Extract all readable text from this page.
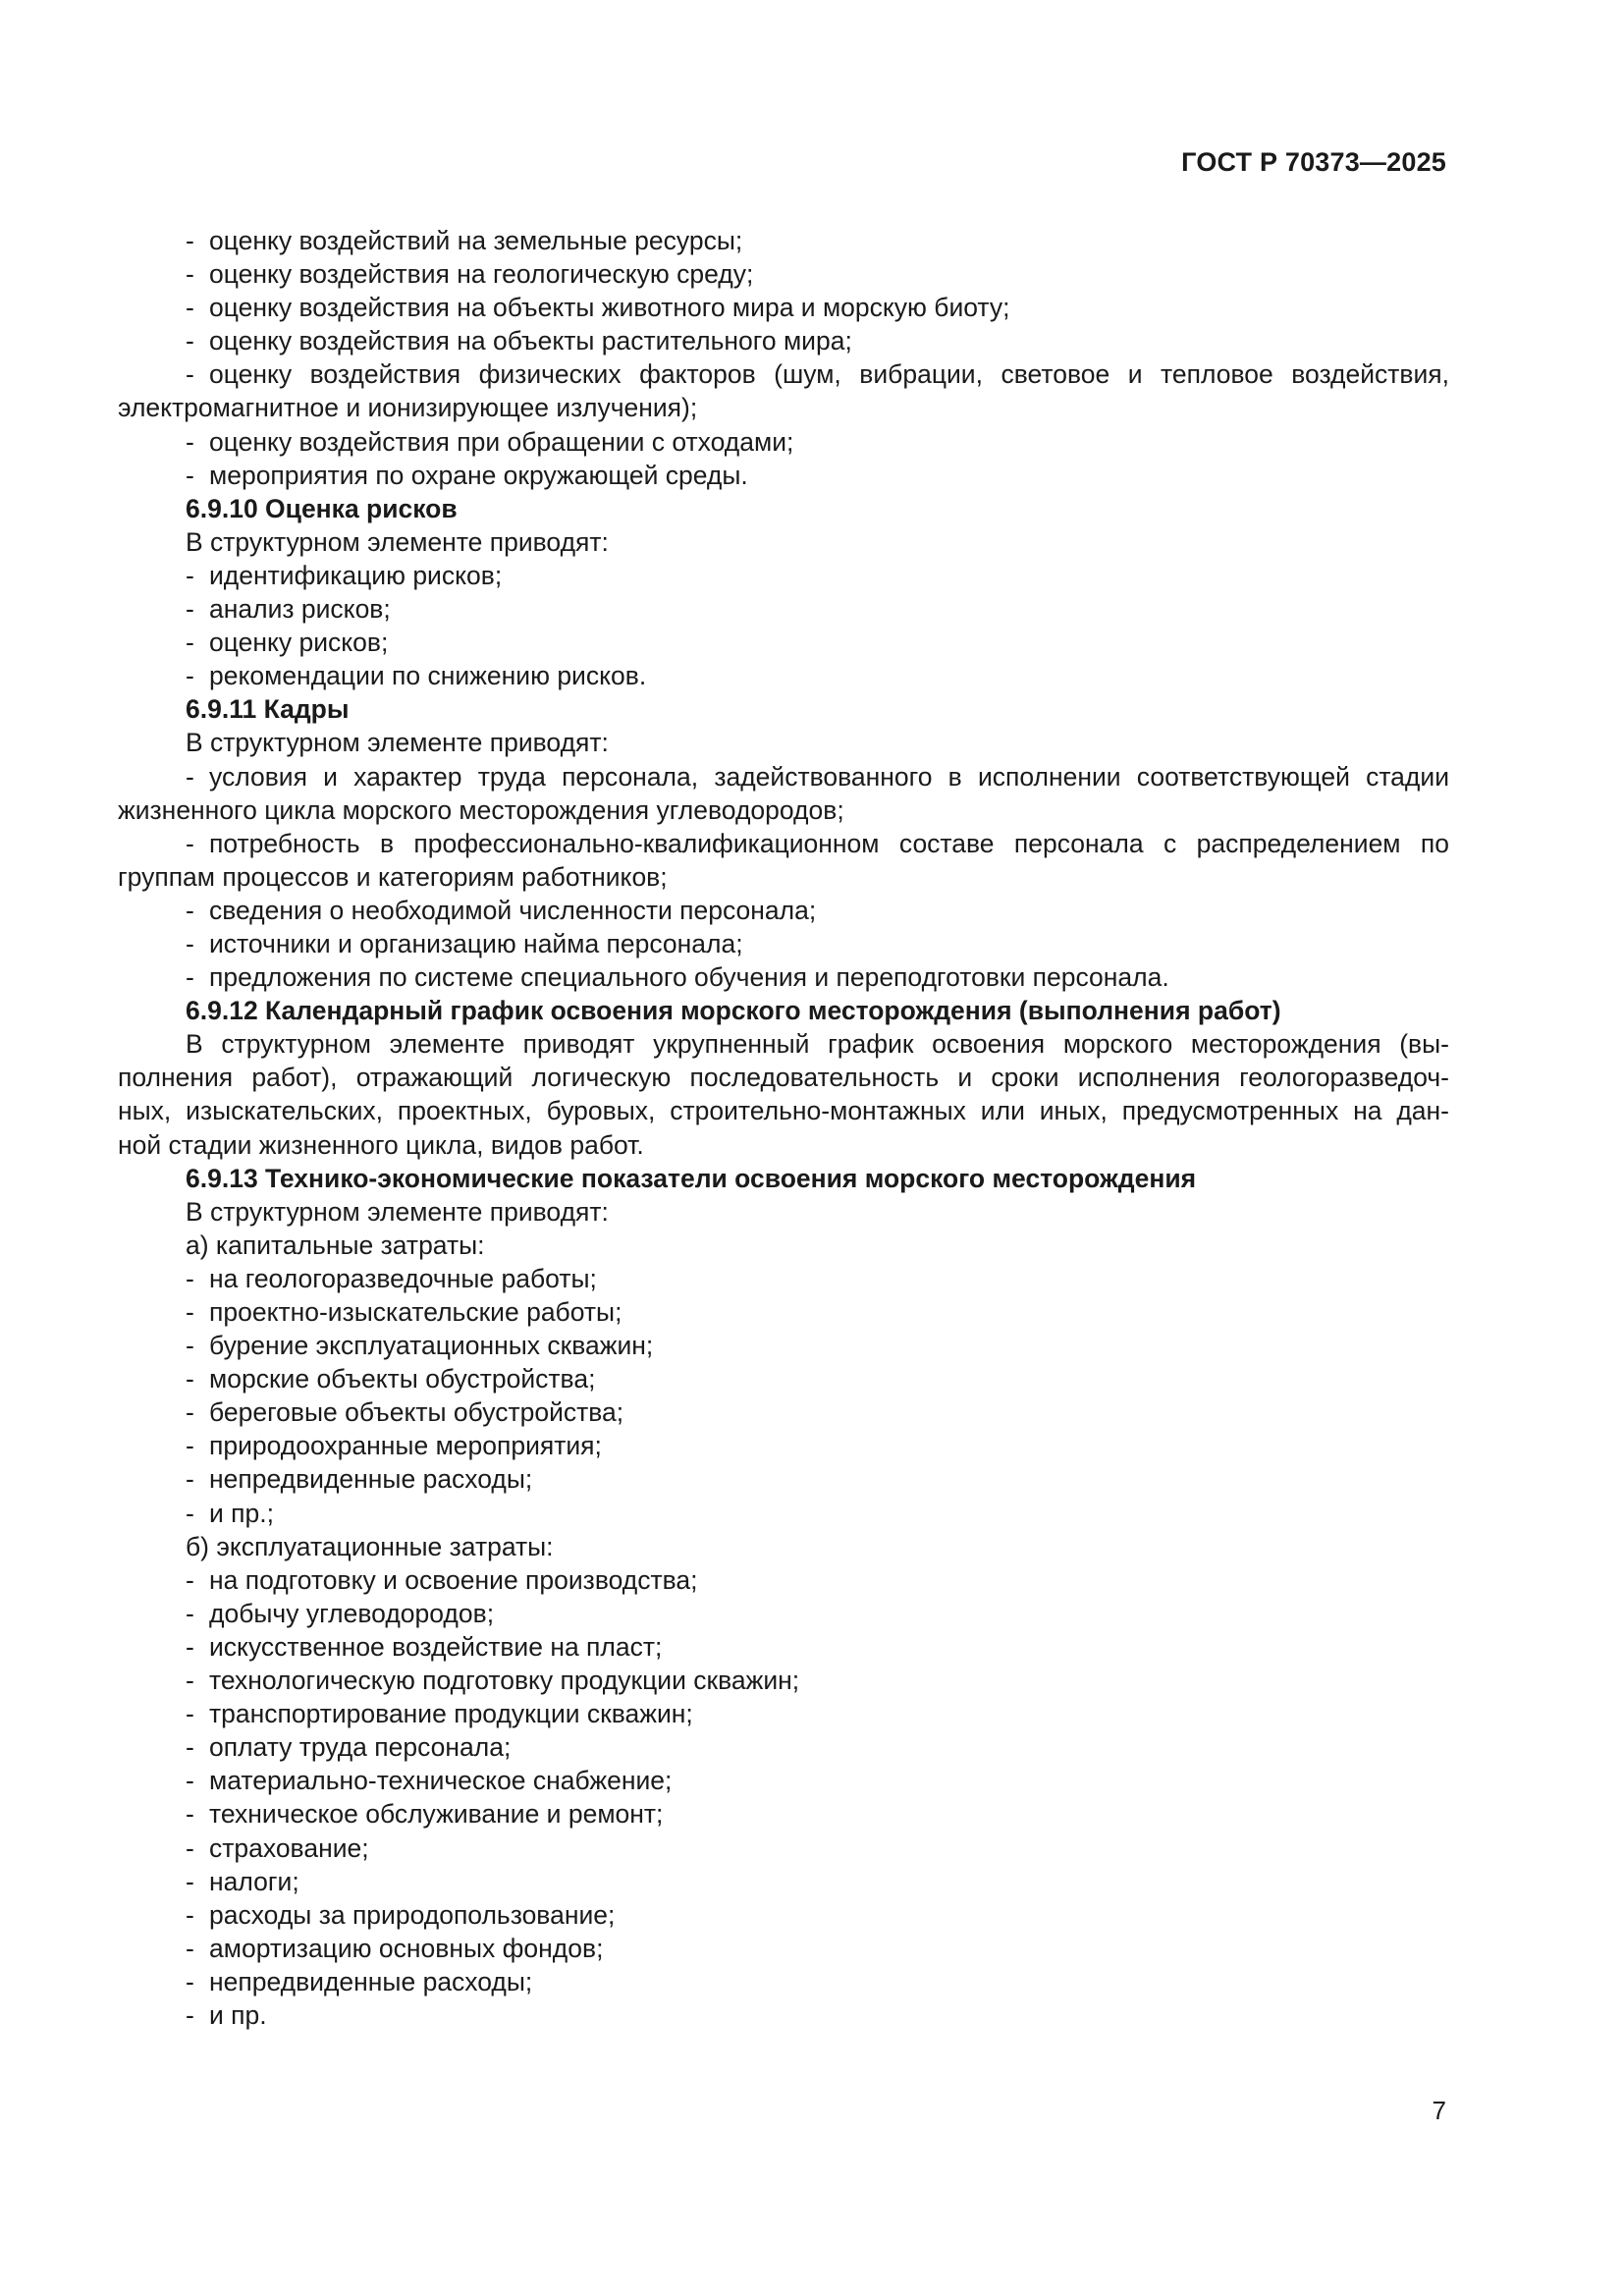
ГОСТ Р 70373—2025
- оценку воздействий на земельные ресурсы;
- оценку воздействия на геологическую среду;
- оценку воздействия на объекты животного мира и морскую биоту;
- оценку воздействия на объекты растительного мира;
- оценку воздействия физических факторов (шум, вибрации, световое и тепловое воздействия,
электромагнитное и ионизирующее излучения);
- оценку воздействия при обращении с отходами;
- мероприятия по охране окружающей среды.
6.9.10 Оценка рисков
В структурном элементе приводят:
- идентификацию рисков;
- анализ рисков;
- оценку рисков;
- рекомендации по снижению рисков.
6.9.11 Кадры
В структурном элементе приводят:
- условия и характер труда персонала, задействованного в исполнении соответствующей стадии
жизненного цикла морского месторождения углеводородов;
- потребность в профессионально-квалификационном составе персонала с распределением по
группам процессов и категориям работников;
- сведения о необходимой численности персонала;
- источники и организацию найма персонала;
- предложения по системе специального обучения и переподготовки персонала.
6.9.12 Календарный график освоения морского месторождения (выполнения работ)
В структурном элементе приводят укрупненный график освоения морского месторождения (вы-
полнения работ), отражающий логическую последовательность и сроки исполнения геологоразведоч-
ных, изыскательских, проектных, буровых, строительно-монтажных или иных, предусмотренных на дан-
ной стадии жизненного цикла, видов работ.
6.9.13 Технико-экономические показатели освоения морского месторождения
В структурном элементе приводят:
а) капитальные затраты:
- на геологоразведочные работы;
- проектно-изыскательские работы;
- бурение эксплуатационных скважин;
- морские объекты обустройства;
- береговые объекты обустройства;
- природоохранные мероприятия;
- непредвиденные расходы;
- и пр.;
б) эксплуатационные затраты:
- на подготовку и освоение производства;
- добычу углеводородов;
- искусственное воздействие на пласт;
- технологическую подготовку продукции скважин;
- транспортирование продукции скважин;
- оплату труда персонала;
- материально-техническое снабжение;
- техническое обслуживание и ремонт;
- страхование;
- налоги;
- расходы за природопользование;
- амортизацию основных фондов;
- непредвиденные расходы;
- и пр.
7
